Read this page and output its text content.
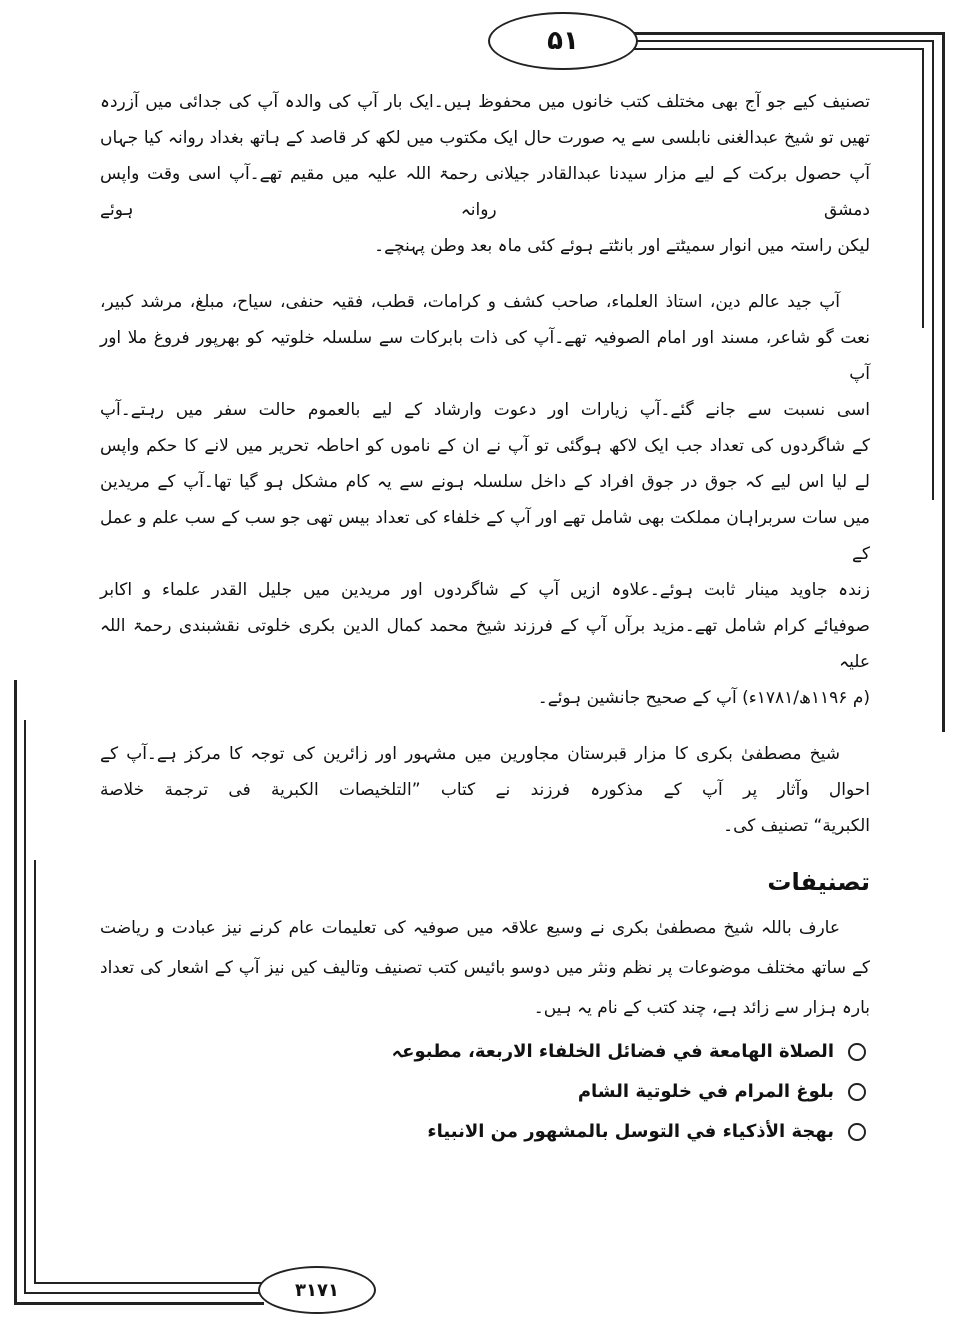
۵۱
۳۱۷۱
تصنیف کیے جو آج بھی مختلف کتب خانوں میں محفوظ ہیں۔ایک بار آپ کی والدہ آپ کی جدائی میں آزردہ
تھیں تو شیخ عبدالغنی نابلسی سے یہ صورت حال ایک مکتوب میں لکھ کر قاصد کے ہاتھ بغداد روانہ کیا جہاں
آپ حصول برکت کے لیے مزار سیدنا عبدالقادر جیلانی رحمۃ اللہ علیہ میں مقیم تھے۔آپ اسی وقت واپس
دمشق روانہ ہوئے
لیکن راستہ میں انوار سمیٹتے اور بانٹتے ہوئے کئی ماہ بعد وطن پہنچے۔
آپ جید عالم دین، استاذ العلماء، صاحب کشف و کرامات، قطب، فقیہ حنفی، سیاح، مبلغ، مرشد کبیر،
نعت گو شاعر، مسند اور امام الصوفیہ تھے۔آپ کی ذات بابرکات سے سلسلہ خلوتیہ کو بھرپور فروغ ملا اور آپ
اسی نسبت سے جانے گئے۔آپ زیارات اور دعوت وارشاد کے لیے بالعموم حالت سفر میں رہتے۔آپ
کے شاگردوں کی تعداد جب ایک لاکھ ہوگئی تو آپ نے ان کے ناموں کو احاطہ تحریر میں لانے کا حکم واپس
لے لیا اس لیے کہ جوق در جوق افراد کے داخل سلسلہ ہونے سے یہ کام مشکل ہو گیا تھا۔آپ کے مریدین
میں سات سربراہان مملکت بھی شامل تھے اور آپ کے خلفاء کی تعداد بیس تھی جو سب کے سب علم و عمل کے
زندہ جاوید مینار ثابت ہوئے۔علاوہ ازیں آپ کے شاگردوں اور مریدین میں جلیل القدر علماء و اکابر
صوفیائے کرام شامل تھے۔مزید برآں آپ کے فرزند شیخ محمد کمال الدین بکری خلوتی نقشبندی رحمۃ اللہ علیہ
(م ۱۱۹۶ھ/۱۷۸۱ء) آپ کے صحیح جانشین ہوئے۔
شیخ مصطفیٰ بکری کا مزار قبرستان مجاورین میں مشہور اور زائرین کی توجہ کا مرکز ہے۔آپ کے
احوال وآثار پر آپ کے مذکورہ فرزند نے کتاب ”التلخیصات الکبریة فی ترجمة خلاصة
الکبریة“ تصنیف کی۔
تصنیفات
عارف باللہ شیخ مصطفیٰ بکری نے وسیع علاقہ میں صوفیہ کی تعلیمات عام کرنے نیز عبادت و ریاضت
کے ساتھ مختلف موضوعات پر نظم ونثر میں دوسو بائیس کتب تصنیف وتالیف کیں نیز آپ کے اشعار کی تعداد
بارہ ہزار سے زائد ہے، چند کتب کے نام یہ ہیں۔
الصلاة الهامعة في فضائل الخلفاء الاربعة، مطبوعہ
بلوغ المرام في خلوتية الشام
بهجة الأذكياء في التوسل بالمشهور من الانبياء
